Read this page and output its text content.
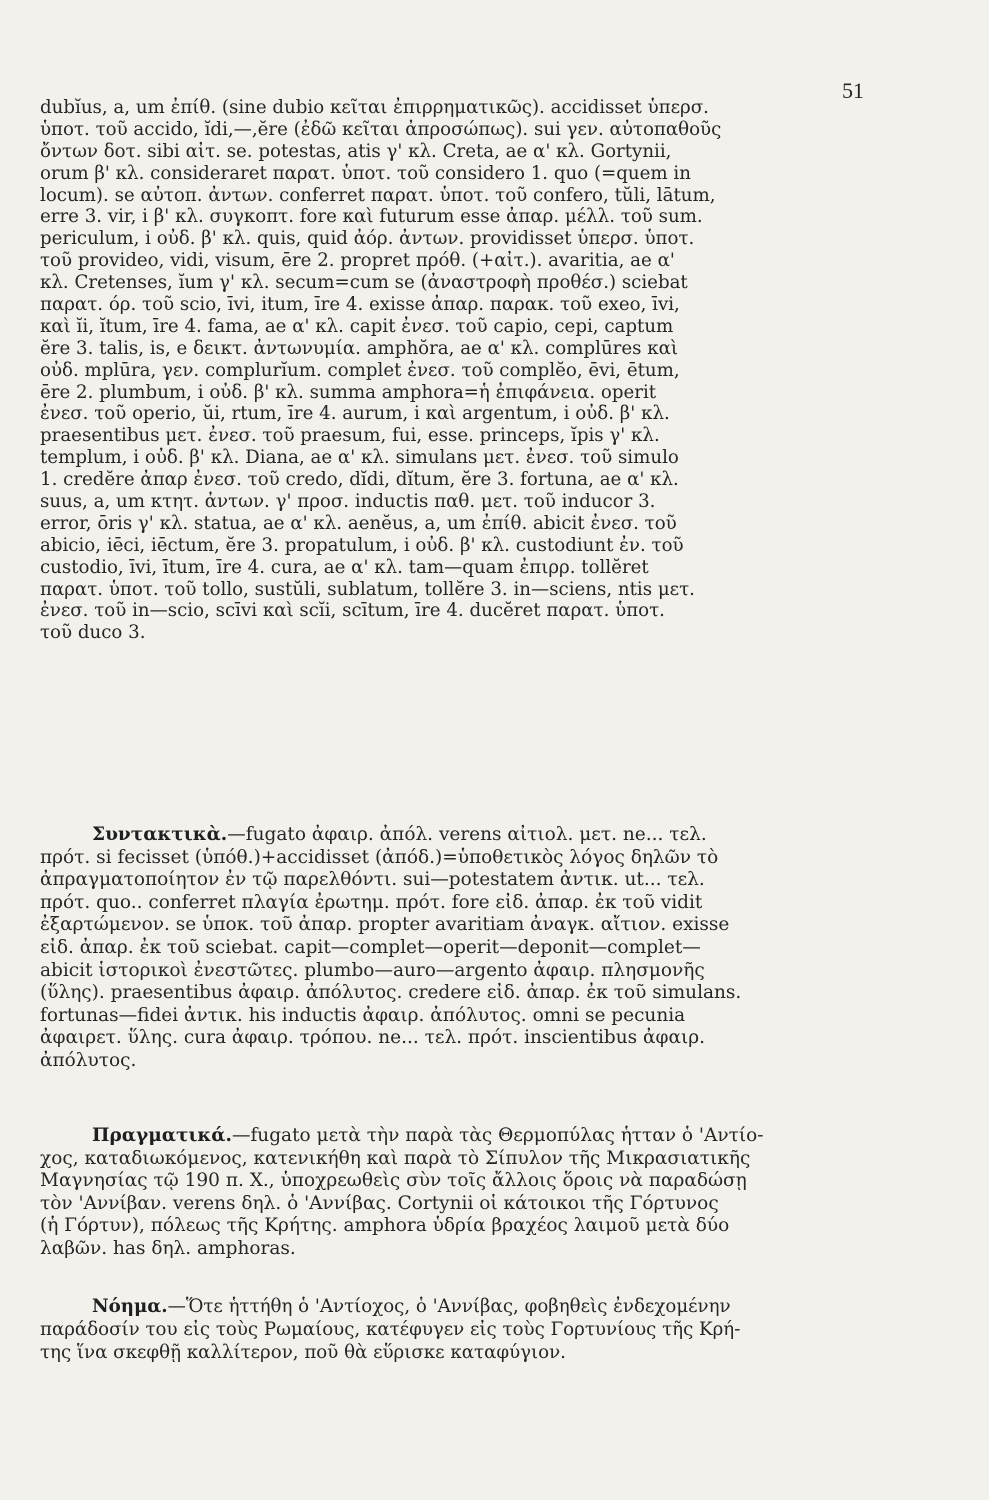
51
dubĭus, a, um ἐπίθ. (sine dubio κεῖται ἐπιρρηματικῶς). accidisset ὑπερσ.
ὑποτ. τοῦ accido, ĭdi,—,ĕre (ἐδῶ κεῖται ἀπροσώπως). sui γεν. αὐτοπαθοῦς
ὄντων δοτ. sibi αἰτ. se. potestas, atis γ' κλ. Creta, ae α' κλ. Gortynii,
orum β' κλ. consideraret παρατ. ὑποτ. τοῦ considero 1. quo (=quem in
locum). se αὐτοπ. ἀντων. conferret παρατ. ὑποτ. τοῦ confero, tŭli, lātum,
erre 3. vir, i β' κλ. συγκοπτ. fore καὶ futurum esse ἀπαρ. μέλλ. τοῦ sum.
periculum, i οὐδ. β' κλ. quis, quid ἀόρ. ἀντων. providisset ὑπερσ. ὑποτ.
τοῦ provideo, vidi, visum, ēre 2. propret πρόθ. (+αἰτ.). avaritia, ae α'
κλ. Cretenses, ĭum γ' κλ. secum=cum se (ἀναστροφὴ προθέσ.) sciebat
παρατ. όρ. τοῦ scio, īvi, itum, īre 4. exisse ἀπαρ. παρακ. τοῦ exeo, īvi,
καὶ ĭi, ĭtum, īre 4. fama, ae α' κλ. capit ἐνεσ. τοῦ capio, cepi, captum
ĕre 3. talis, is, e δεικτ. ἀντωνυμία. amphŏra, ae α' κλ. complūres καὶ
οὐδ. mplūra, γεν. complurĭum. complet ἐνεσ. τοῦ complĕo, ēvi, ētum,
ēre 2. plumbum, i οὐδ. β' κλ. summa amphora=ἡ ἐπιφάνεια. operit
ἐνεσ. τοῦ operio, ŭi, rtum, īre 4. aurum, i καὶ argentum, i οὐδ. β' κλ.
praesentibus μετ. ἐνεσ. τοῦ praesum, fui, esse. princeps, ĭpis γ' κλ.
templum, i οὐδ. β' κλ. Diana, ae α' κλ. simulans μετ. ἐνεσ. τοῦ simulo
1. credĕre ἀπαρ ἐνεσ. τοῦ credo, dĭdi, dĭtum, ĕre 3. fortuna, ae α' κλ.
suus, a, um κτητ. ἀντων. γ' προσ. inductis παθ. μετ. τοῦ inducor 3.
error, ōris γ' κλ. statua, ae α' κλ. aenĕus, a, um ἐπίθ. abicit ἐνεσ. τοῦ
abicio, iēci, iēctum, ĕre 3. propatulum, i οὐδ. β' κλ. custodiunt ἐν. τοῦ
custodio, īvi, ītum, īre 4. cura, ae α' κλ. tam—quam ἐπιρρ. tollĕret
παρατ. ὑποτ. τοῦ tollo, sustŭli, sublatum, tollĕre 3. in—sciens, ntis μετ.
ἐνεσ. τοῦ in—scio, scīvi καὶ scĭi, scītum, īre 4. ducĕret παρατ. ὑποτ.
τοῦ duco 3.
Συντακτικὰ.—fugato ἀφαιρ. ἀπόλ. verens αἰτιολ. μετ. ne... τελ.
πρότ. si fecisset (ὑπόθ.)+accidisset (ἀπόδ.)=ὑποθετικὸς λόγος δηλῶν τὸ
ἀπραγματοποίητον ἐν τῷ παρελθόντι. sui—potestatem ἀντικ. ut... τελ.
πρότ. quo.. conferret πλαγία ἐρωτημ. πρότ. fore εἰδ. ἀπαρ. ἐκ τοῦ vidit
ἐξαρτώμενον. se ὑποκ. τοῦ ἀπαρ. propter avaritiam ἀναγκ. αἴτιον. exisse
εἰδ. ἀπαρ. ἐκ τοῦ sciebat. capit—complet—operit—deponit—complet—
abicit ἱστορικοὶ ἐνεστῶτες. plumbo—auro—argento ἀφαιρ. πλησμονῆς
(ὕλης). praesentibus ἀφαιρ. ἀπόλυτος. credere εἰδ. ἀπαρ. ἐκ τοῦ simulans.
fortunas—fidei ἀντικ. his inductis ἀφαιρ. ἀπόλυτος. omni se pecunia
ἀφαιρετ. ὕλης. cura ἀφαιρ. τρόπου. ne... τελ. πρότ. inscientibus ἀφαιρ.
ἀπόλυτος.
Πραγματικά.—fugato μετὰ τὴν παρὰ τὰς Θερμοπύλας ἧτταν ὁ 'Αντίο-
χος, καταδιωκόμενος, κατενικήθη καὶ παρὰ τὸ Σίπυλον τῆς Μικρασιατικῆς
Μαγνησίας τῷ 190 π. Χ., ὑποχρεωθεὶς σὺν τοῖς ἄλλοις ὅροις νὰ παραδώσῃ
τὸν 'Αννίβαν. verens δηλ. ὁ 'Αννίβας. Cortynii οἱ κάτοικοι τῆς Γόρτυνος
(ἡ Γόρτυν), πόλεως τῆς Κρήτης. amphora ὑδρία βραχέος λαιμοῦ μετὰ δύο
λαβῶν. has δηλ. amphoras.
Νόημα.—Ὅτε ἡττήθη ὁ 'Αντίοχος, ὁ 'Αννίβας, φοβηθεὶς ἐνδεχομένην
παράδοσίν του εἰς τοὺς Ρωμαίους, κατέφυγεν εἰς τοὺς Γορτυνίους τῆς Κρή-
της ἵνα σκεφθῇ καλλίτερον, ποῦ θὰ εὕρισκε καταφύγιον.
